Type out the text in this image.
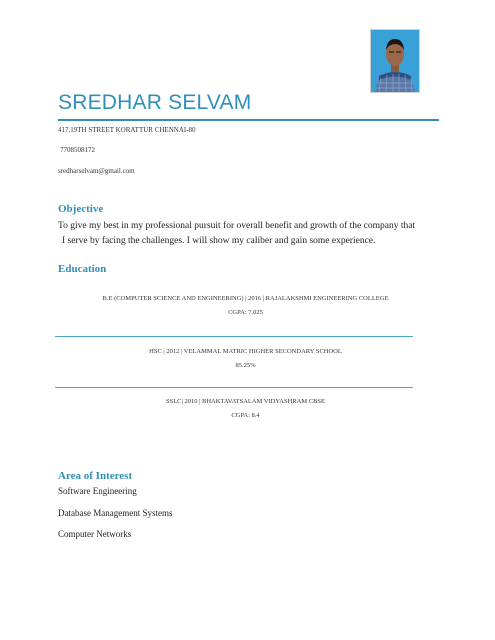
SREDHAR SELVAM
417,19TH STREET KORATTUR CHENNAI-80
7708508172
sredharselvam@gmail.com
Objective
To give my best in my professional pursuit for overall benefit and growth of the company that
I serve by facing the challenges. I will show my caliber and gain some experience.
Education
B.E (COMPUTER SCIENCE AND ENGINEERING) | 2016 | RAJALAKSHMI ENGINEERING COLLEGE
CGPA: 7.025
HSC | 2012 | VELAMMAL MATRIC HIGHER SECONDARY SCHOOL
85.25%
SSLC| 2010 | BHAKTAVATSALAM VIDYASHRAM CBSE
CGPA: 8.4
Area of Interest
Software Engineering
Database Management Systems
Computer Networks
